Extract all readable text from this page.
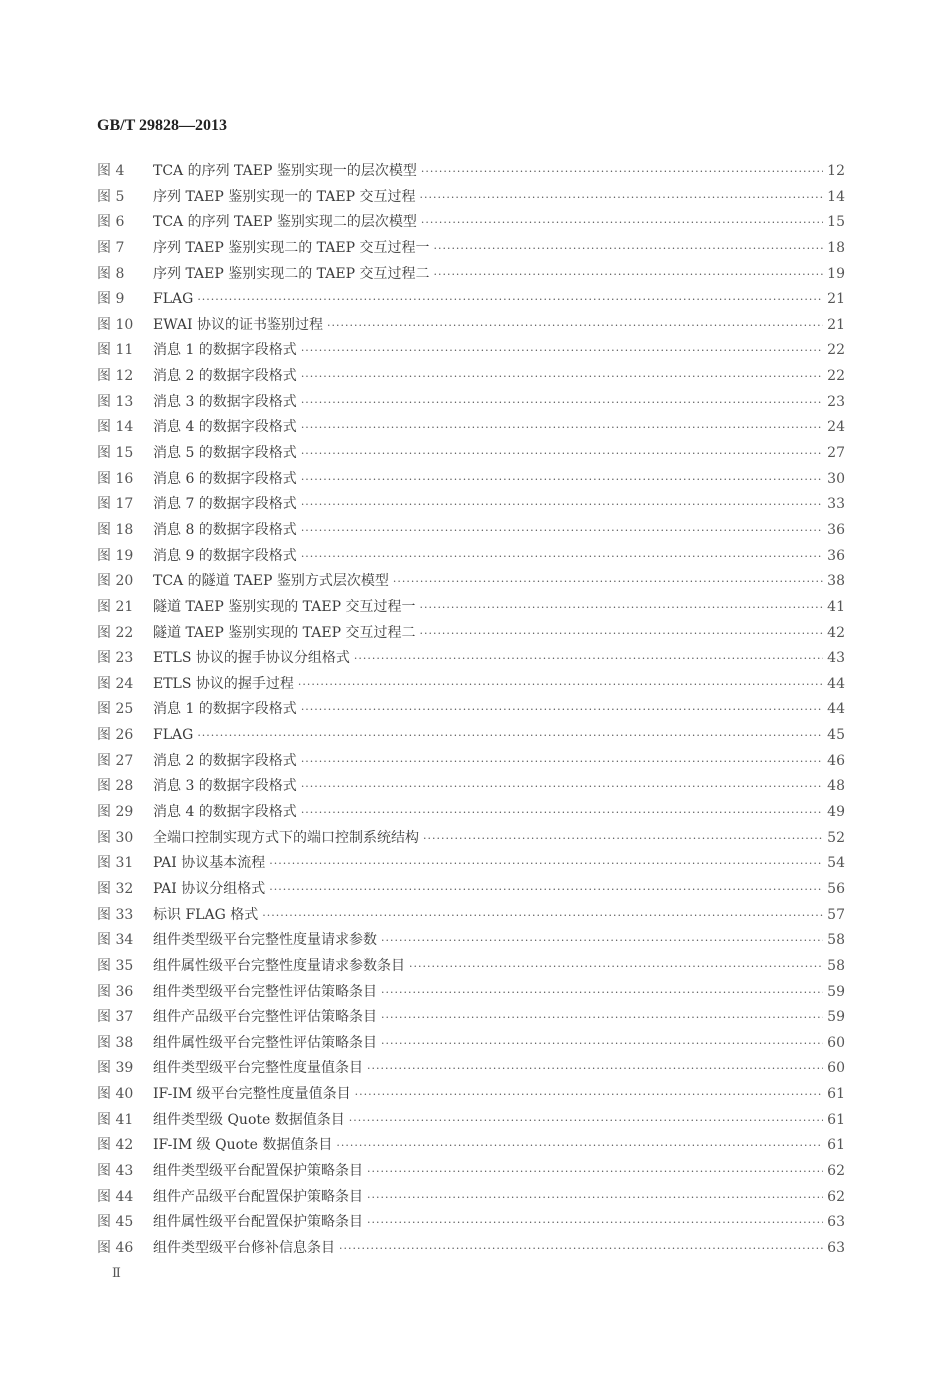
GB/T 29828—2013
图 4	TCA 的序列 TAEP 鉴别实现一的层次模型 ·····	12
图 5	序列 TAEP 鉴别实现一的 TAEP 交互过程 ·····	14
图 6	TCA 的序列 TAEP 鉴别实现二的层次模型 ·····	15
图 7	序列 TAEP 鉴别实现二的 TAEP 交互过程一 ·····	18
图 8	序列 TAEP 鉴别实现二的 TAEP 交互过程二 ·····	19
图 9	FLAG ·····	21
图 10	EWAI 协议的证书鉴别过程 ·····	21
图 11	消息 1 的数据字段格式 ·····	22
图 12	消息 2 的数据字段格式 ·····	22
图 13	消息 3 的数据字段格式 ·····	23
图 14	消息 4 的数据字段格式 ·····	24
图 15	消息 5 的数据字段格式 ·····	27
图 16	消息 6 的数据字段格式 ·····	30
图 17	消息 7 的数据字段格式 ·····	33
图 18	消息 8 的数据字段格式 ·····	36
图 19	消息 9 的数据字段格式 ·····	36
图 20	TCA 的隧道 TAEP 鉴别方式层次模型 ·····	38
图 21	隧道 TAEP 鉴别实现的 TAEP 交互过程一 ·····	41
图 22	隧道 TAEP 鉴别实现的 TAEP 交互过程二 ·····	42
图 23	ETLS 协议的握手协议分组格式 ·····	43
图 24	ETLS 协议的握手过程 ·····	44
图 25	消息 1 的数据字段格式 ·····	44
图 26	FLAG ·····	45
图 27	消息 2 的数据字段格式 ·····	46
图 28	消息 3 的数据字段格式 ·····	48
图 29	消息 4 的数据字段格式 ·····	49
图 30	全端口控制实现方式下的端口控制系统结构 ·····	52
图 31	PAI 协议基本流程 ·····	54
图 32	PAI 协议分组格式 ·····	56
图 33	标识 FLAG 格式 ·····	57
图 34	组件类型级平台完整性度量请求参数 ·····	58
图 35	组件属性级平台完整性度量请求参数条目 ·····	58
图 36	组件类型级平台完整性评估策略条目 ·····	59
图 37	组件产品级平台完整性评估策略条目 ·····	59
图 38	组件属性级平台完整性评估策略条目 ·····	60
图 39	组件类型级平台完整性度量值条目 ·····	60
图 40	IF-IM 级平台完整性度量值条目 ·····	61
图 41	组件类型级 Quote 数据值条目 ·····	61
图 42	IF-IM 级 Quote 数据值条目 ·····	61
图 43	组件类型级平台配置保护策略条目 ·····	62
图 44	组件产品级平台配置保护策略条目 ·····	62
图 45	组件属性级平台配置保护策略条目 ·····	63
图 46	组件类型级平台修补信息条目 ·····	63
Ⅱ
